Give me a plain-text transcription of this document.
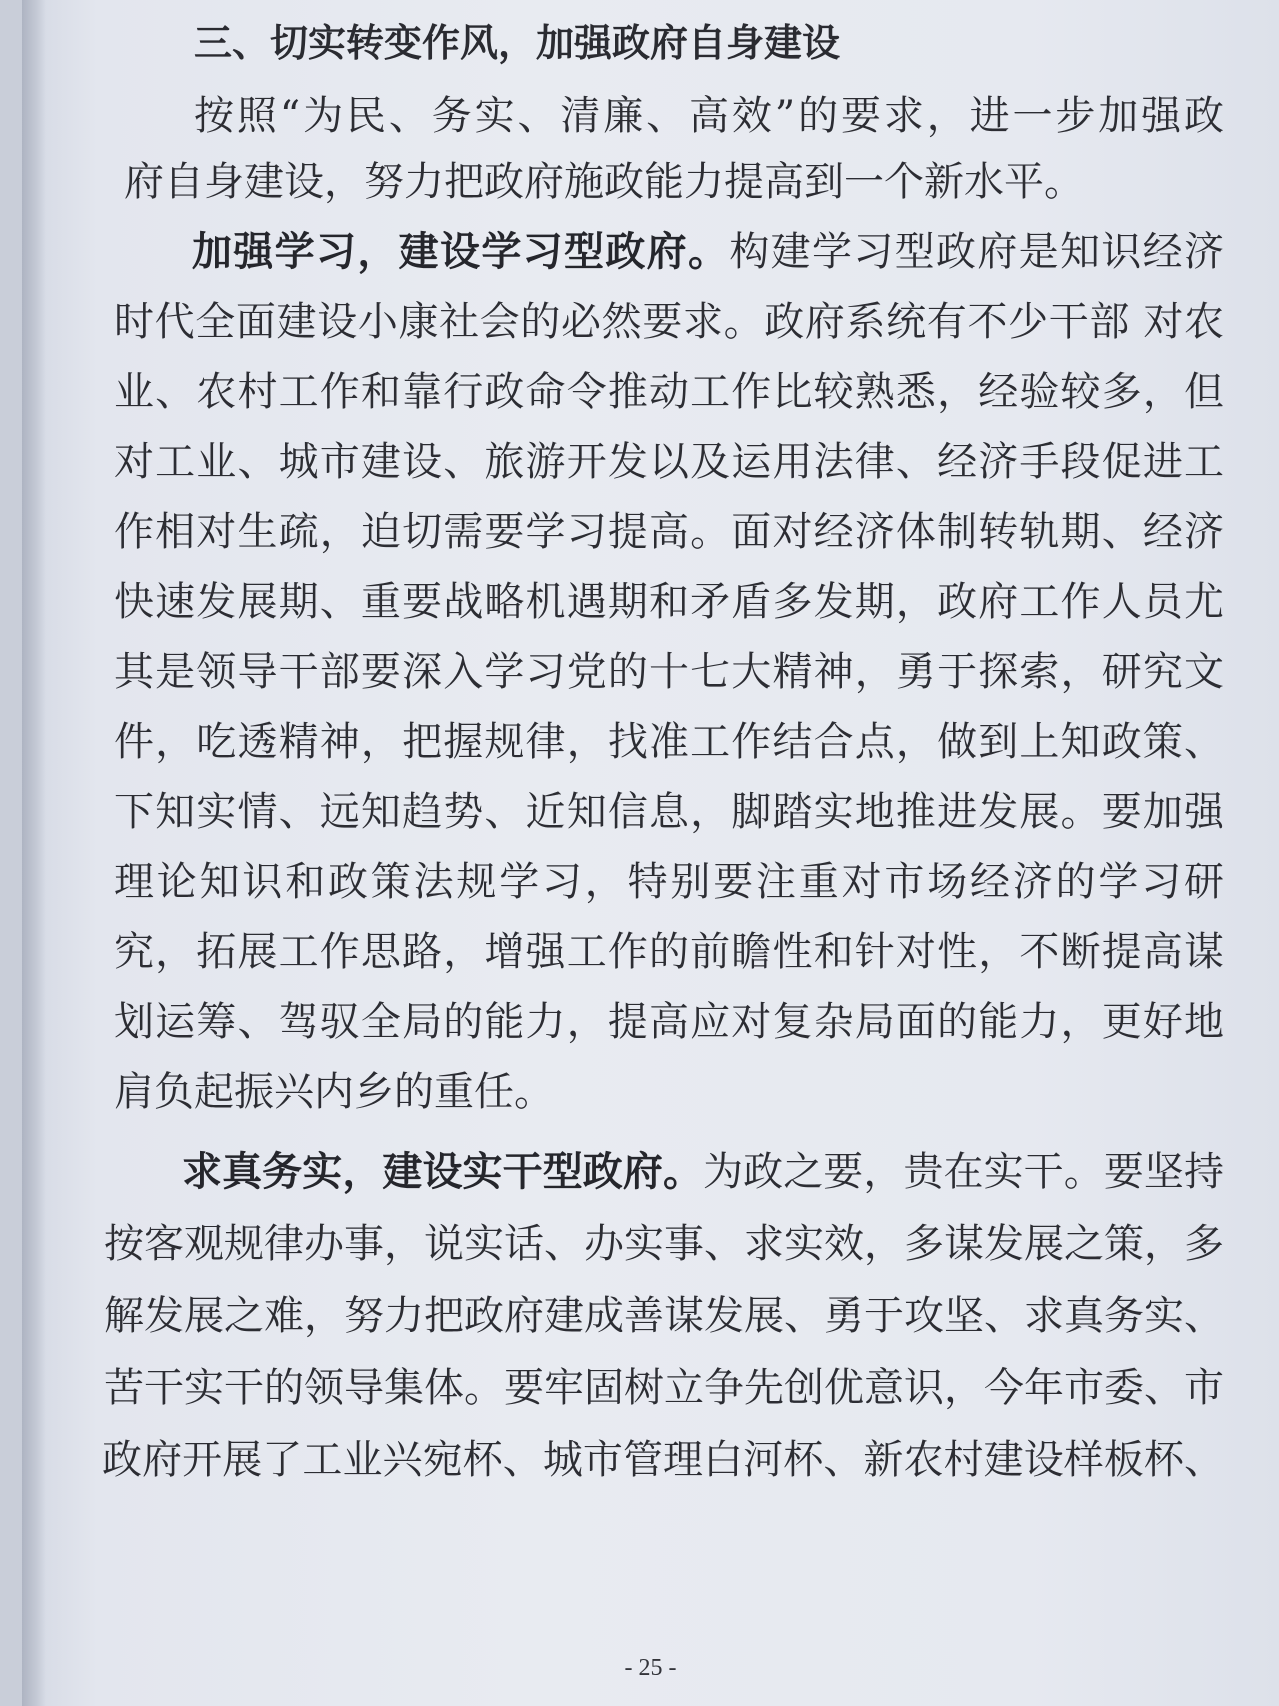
三、切实转变作风，加强政府自身建设
按照“为民、务实、清廉、高效”的要求，进一步加强政
府自身建设，努力把政府施政能力提高到一个新水平。
加强学习，建设学习型政府。构建学习型政府是知识经济
时代全面建设小康社会的必然要求。政府系统有不少干部 对农
业、农村工作和靠行政命令推动工作比较熟悉，经验较多，但
对工业、城市建设、旅游开发以及运用法律、经济手段促进工
作相对生疏，迫切需要学习提高。面对经济体制转轨期、经济
快速发展期、重要战略机遇期和矛盾多发期，政府工作人员尤
其是领导干部要深入学习党的十七大精神，勇于探索，研究文
件，吃透精神，把握规律，找准工作结合点，做到上知政策、
下知实情、远知趋势、近知信息，脚踏实地推进发展。要加强
理论知识和政策法规学习，特别要注重对市场经济的学习研
究，拓展工作思路，增强工作的前瞻性和针对性，不断提高谋
划运筹、驾驭全局的能力，提高应对复杂局面的能力，更好地
肩负起振兴内乡的重任。
求真务实，建设实干型政府。为政之要，贵在实干。要坚持
按客观规律办事，说实话、办实事、求实效，多谋发展之策，多
解发展之难，努力把政府建成善谋发展、勇于攻坚、求真务实、
苦干实干的领导集体。要牢固树立争先创优意识，今年市委、市
政府开展了工业兴宛杯、城市管理白河杯、新农村建设样板杯、
- 25 -
